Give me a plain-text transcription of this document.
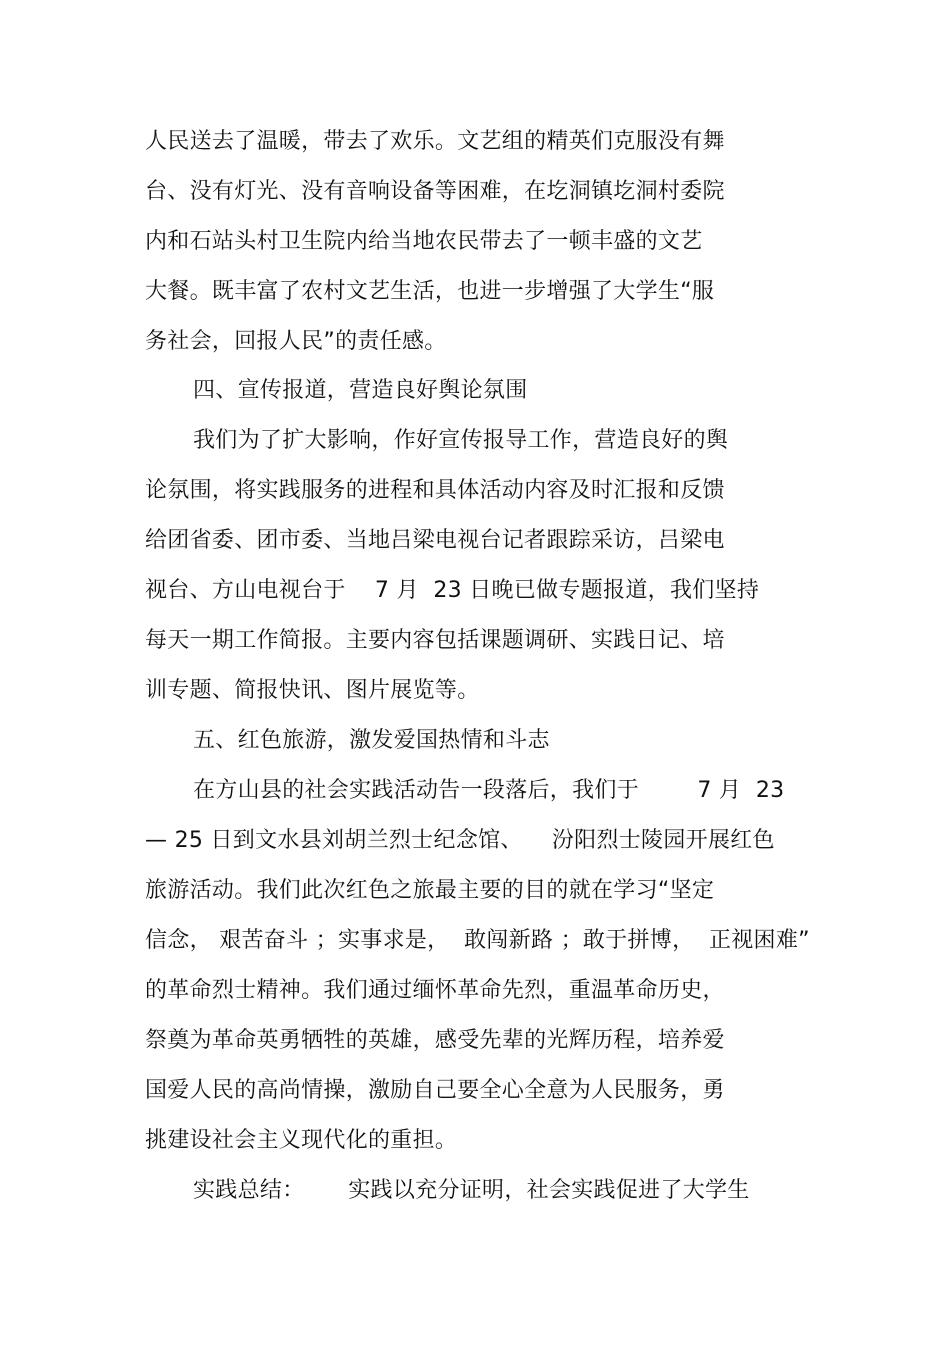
人民送去了温暖，带去了欢乐。文艺组的精英们克服没有舞
台、没有灯光、没有音响设备等困难，在圪洞镇圪洞村委院
内和石站头村卫生院内给当地农民带去了一顿丰盛的文艺
大餐。既丰富了农村文艺生活，也进一步增强了大学生“服
务社会，回报人民”的责任感。
四、宣传报道，营造良好舆论氛围
我们为了扩大影响，作好宣传报导工作，营造良好的舆
论氛围，将实践服务的进程和具体活动内容及时汇报和反馈
给团省委、团市委、当地吕梁电视台记者跟踪采访，吕梁电
视台、方山电视台于    7 月  23 日晚已做专题报道，我们坚持
每天一期工作简报。主要内容包括课题调研、实践日记、培
训专题、简报快讯、图片展览等。
五、红色旅游，激发爱国热情和斗志
在方山县的社会实践活动告一段落后，我们于        7 月  23
— 25 日到文水县刘胡兰烈士纪念馆、    汾阳烈士陵园开展红色
旅游活动。我们此次红色之旅最主要的目的就在学习“坚定
信念， 艰苦奋斗 ；实事求是，  敢闯新路 ；敢于拼博，  正视困难”
的革命烈士精神。我们通过缅怀革命先烈，重温革命历史，
祭奠为革命英勇牺牲的英雄，感受先辈的光辉历程，培养爱
国爱人民的高尚情操，激励自己要全心全意为人民服务，勇
挑建设社会主义现代化的重担。
实践总结：      实践以充分证明，社会实践促进了大学生
